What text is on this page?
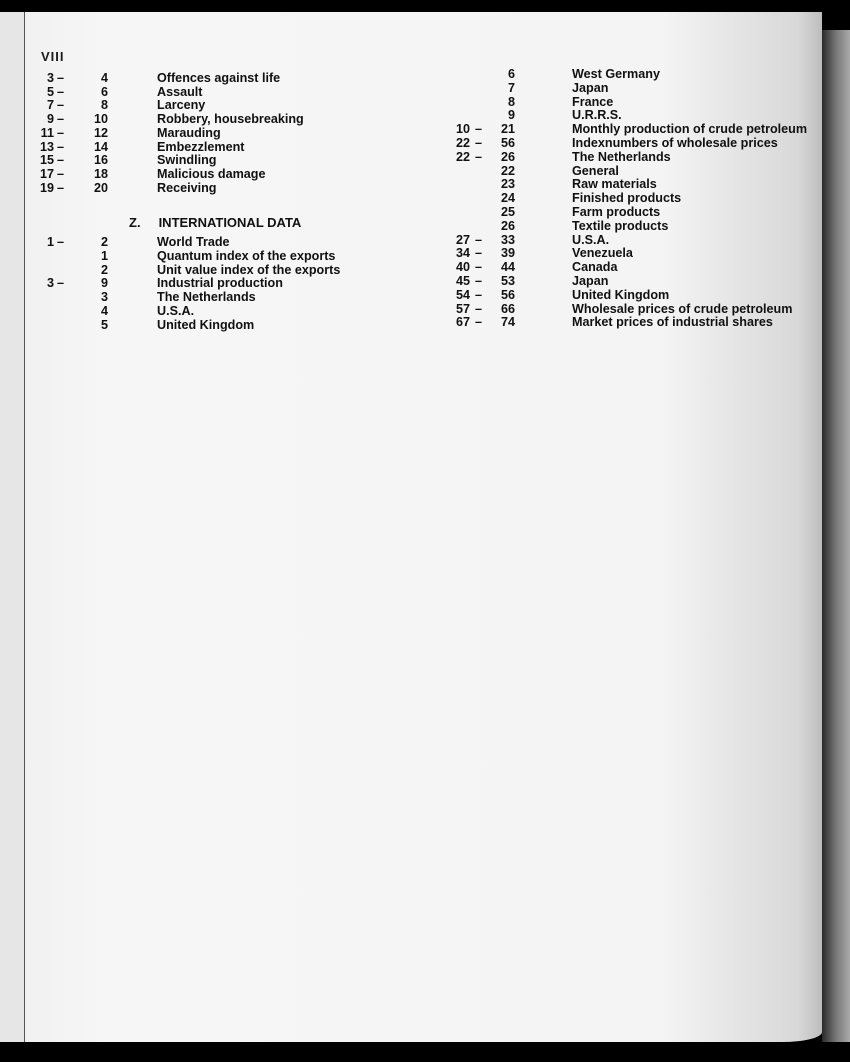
VIII
3 –	4	Offences against life
5 –	6	Assault
7 –	8	Larceny
9 –	10	Robbery, housebreaking
11 –	12	Marauding
13 –	14	Embezzlement
15 –	16	Swindling
17 –	18	Malicious damage
19 –	20	Receiving
Z. INTERNATIONAL DATA
1 –	2	World Trade
1	Quantum index of the exports
2	Unit value index of the exports
3 –	9	Industrial production
3	The Netherlands
4	U.S.A.
5	United Kingdom
6	West Germany
7	Japan
8	France
9	U.R.R.S.
10 –	21	Monthly production of crude petroleum
22 –	56	Indexnumbers of wholesale prices
22 –	26	The Netherlands
22	General
23	Raw materials
24	Finished products
25	Farm products
26	Textile products
27 –	33	U.S.A.
34 –	39	Venezuela
40 –	44	Canada
45 –	53	Japan
54 –	56	United Kingdom
57 –	66	Wholesale prices of crude petroleum
67 –	74	Market prices of industrial shares
